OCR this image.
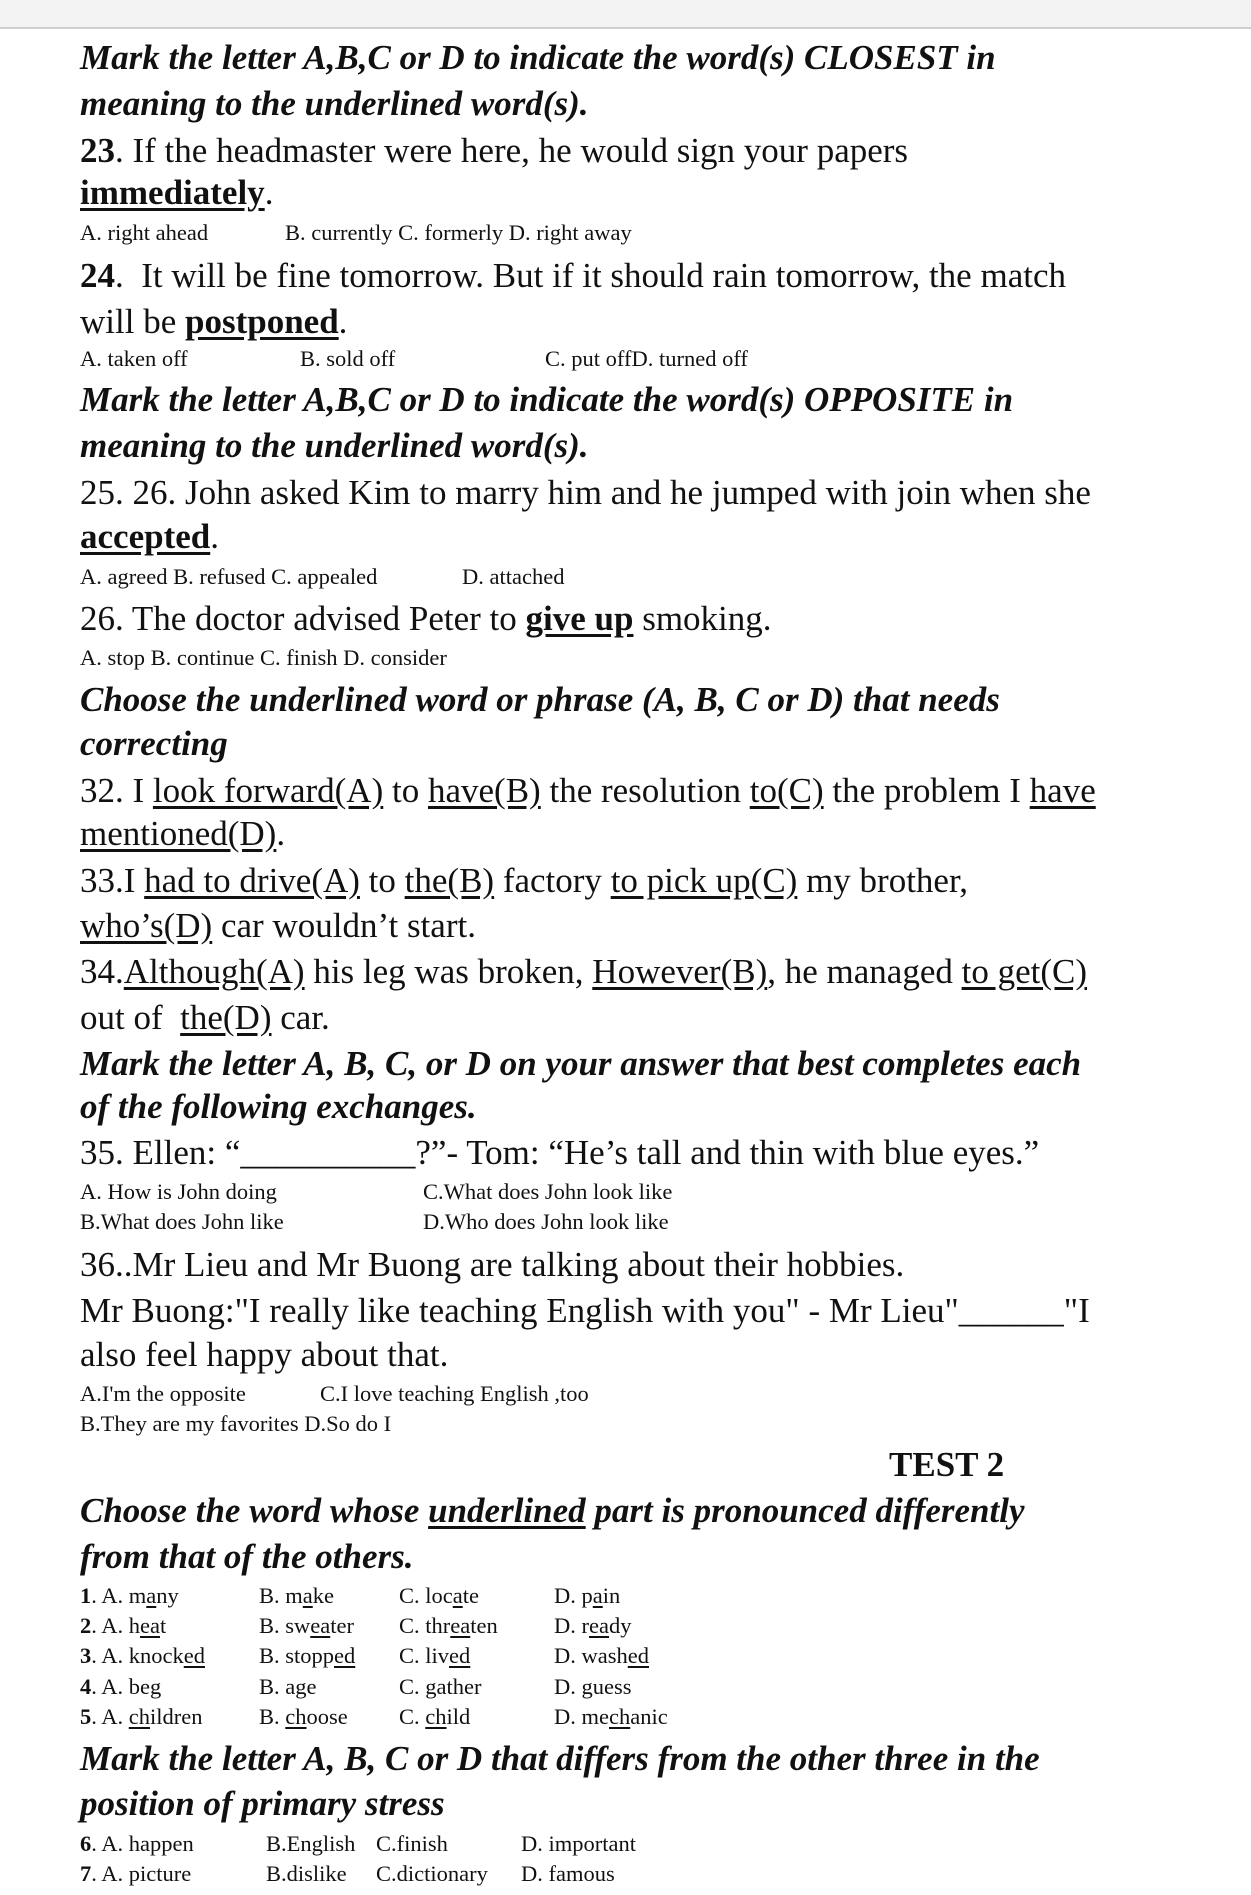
Mark the letter A,B,C or D to indicate the word(s) CLOSEST in
meaning to the underlined word(s).
23. If the headmaster were here, he would sign your papers
immediately.
A. right ahead	B. currently C. formerly D. right away
24.  It will be fine tomorrow. But if it should rain tomorrow, the match
will be postponed.
A. taken off	B. sold off	C. put offD. turned off
Mark the letter A,B,C or D to indicate the word(s) OPPOSITE in
meaning to the underlined word(s).
25. 26. John asked Kim to marry him and he jumped with join when she
accepted.
A. agreed B. refused C. appealed	D. attached
26. The doctor advised Peter to give up smoking.
A. stop B. continue C. finish D. consider
Choose the underlined word or phrase (A, B, C or D) that needs
correcting
32. I look forward(A) to have(B) the resolution to(C) the problem I have
mentioned(D).
33.I had to drive(A) to the(B) factory to pick up(C) my brother,
who’s(D) car wouldn’t start.
34.Although(A) his leg was broken, However(B), he managed to get(C)
out of  the(D) car.
Mark the letter A, B, C, or D on your answer that best completes each
of the following exchanges.
35. Ellen: “__________?”- Tom: “He’s tall and thin with blue eyes.”
A. How is John doing	C.What does John look like
B.What does John like	D.Who does John look like
36..Mr Lieu and Mr Buong are talking about their hobbies.
Mr Buong:"I really like teaching English with you" - Mr Lieu"______"I
also feel happy about that.
A.I'm the opposite	C.I love teaching English ,too
B.They are my favorites D.So do I
TEST 2
Choose the word whose underlined part is pronounced differently
from that of the others.
1. A. many	B. make	C. locate	D. pain
2. A. heat	B. sweater C. threaten	D. ready
3. A. knocked B. stopped C. lived	D. washed
4. A. beg	B. age	C. gather	D. guess
5. A. children	B. choose C. child	D. mechanic
Mark the letter A, B, C or D that differs from the other three in the
position of primary stress
6. A. happen	B.English C.finish	D. important
7. A. picture	B.dislike C.dictionary D. famous
